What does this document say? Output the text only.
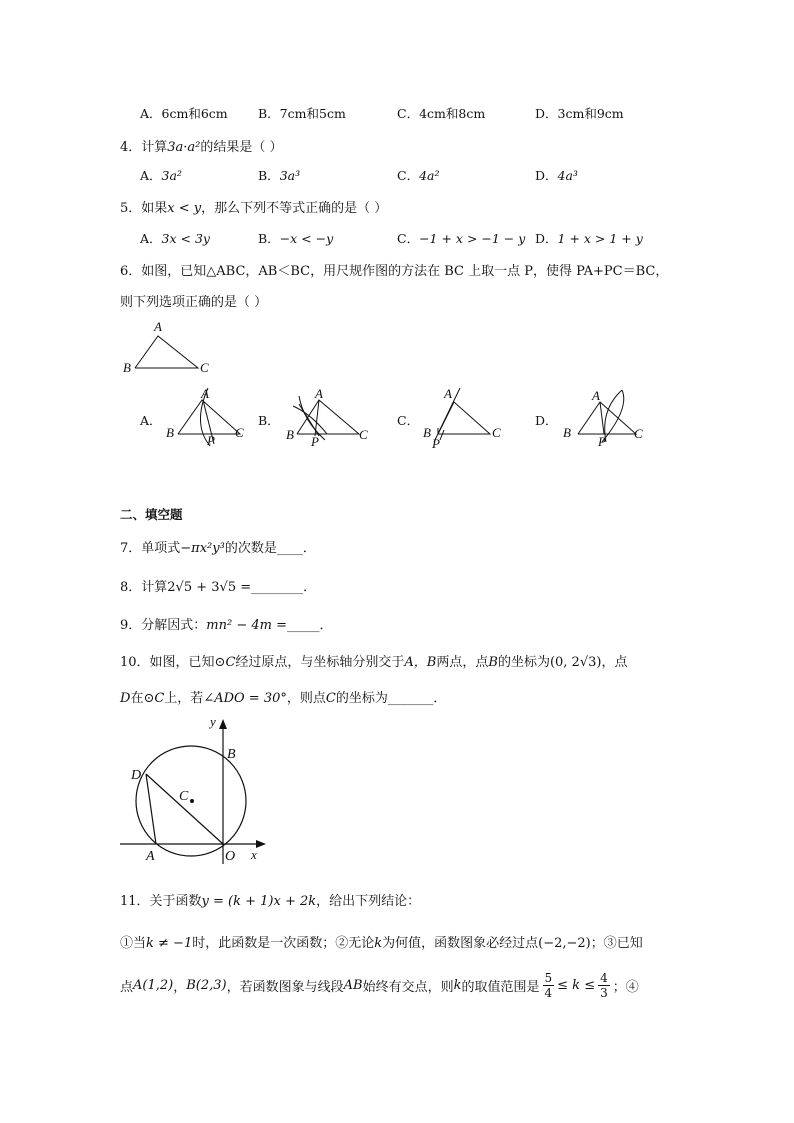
A．6cm和6cm B．7cm和5cm	C．4cm和8cm	D．3cm和9cm
4．计算3a·a²的结果是（ ）
A．3a²	B．3a³	C．4a²	D．4a³
5．如果x < y，那么下列不等式正确的是（ ）
A．3x < 3y	B．−x < −y	C．−1 + x > −1 − y D．1 + x > 1 + y
6．如图，已知△ABC，AB＜BC，用尺规作图的方法在 BC 上取一点 P，使得 PA+PC＝BC，
则下列选项正确的是（ ）
A
B	C
A．	B．	C．	D．
A
B	C
P
A
B	C
P
A
B	C
P
A
B	C
P
二、填空题
7．单项式−πx²y³的次数是____．
8．计算2√5 + 3√5 =________．
9．分解因式：mn² − 4m =_____．
10．如图，已知⊙C经过原点，与坐标轴分别交于A，B两点，点B的坐标为(0, 2√3)，点
D在⊙C上，若∠ADO = 30°，则点C的坐标为_______．
y
B
D
C
A	O x
11．关于函数y = (k + 1)x + 2k，给出下列结论：
①当k ≠ −1时，此函数是一次函数；②无论k为何值，函数图象必经过点(−2,−2)；③已知
点 A(1,2) ， B(2,3) ，若函数图象与线段 AB 始终有交点，则 k 的取值范围是 $\frac{5}{4} \le k \le \frac{4}{3}$ ；④
